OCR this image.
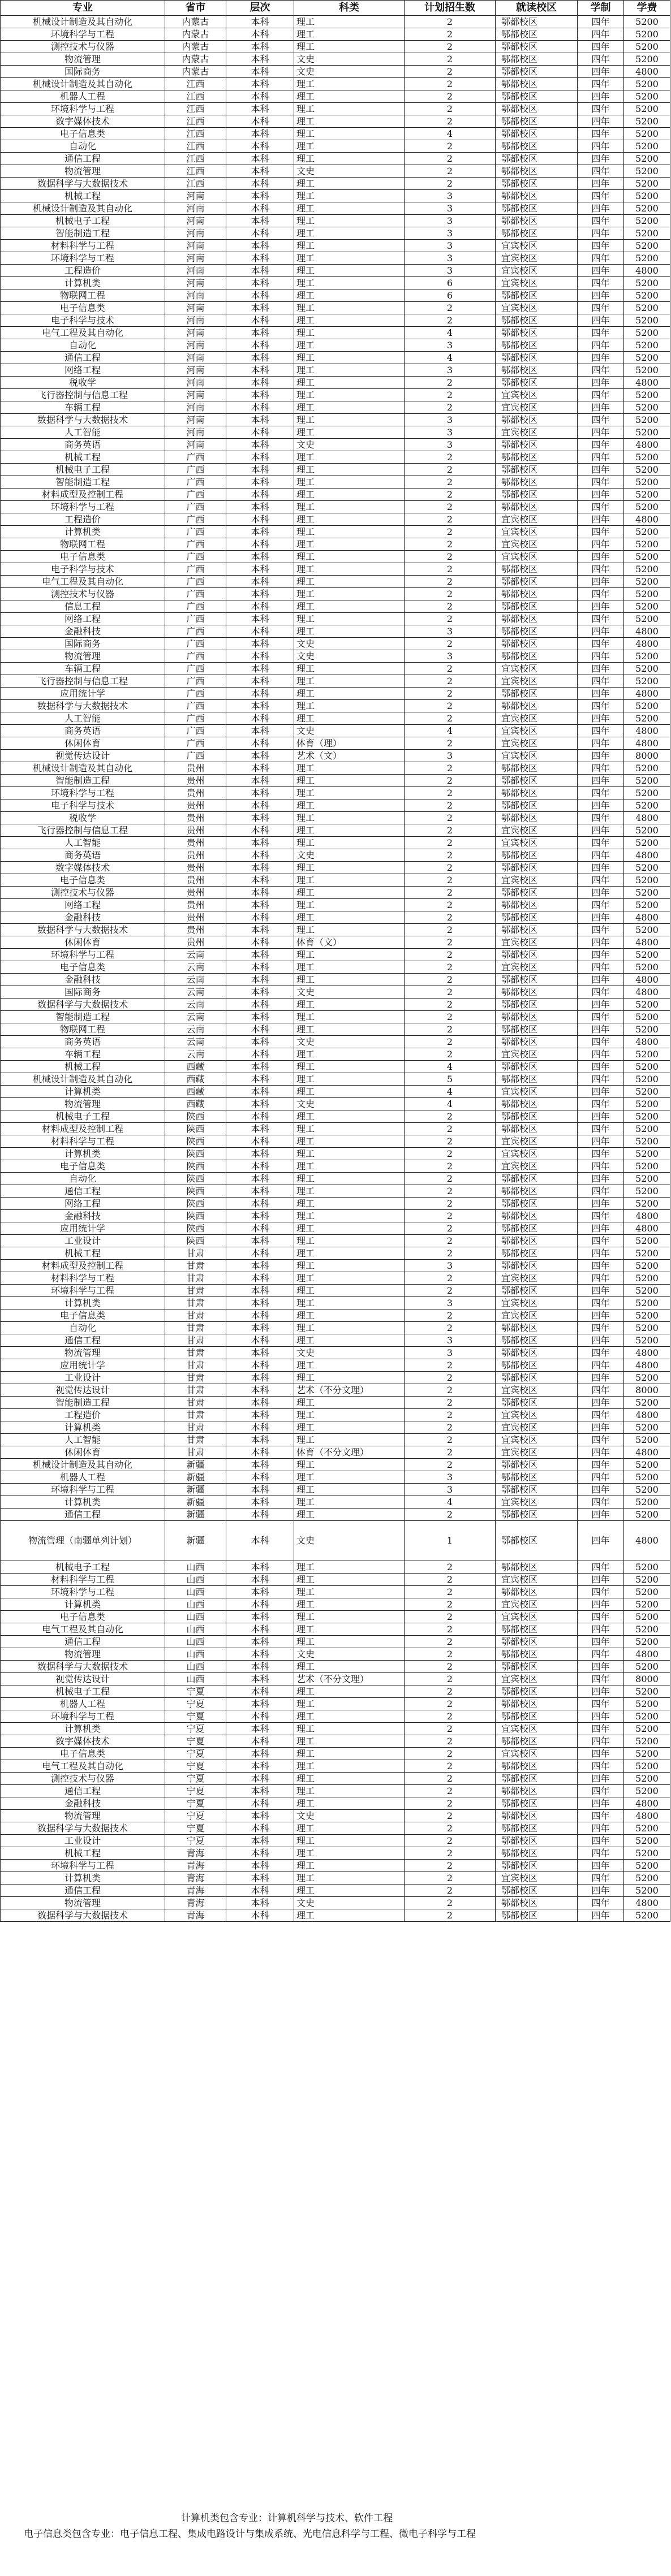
专业	省市	层次	科类	计划招生数	就读校区	学制	学费
机械设计制造及其自动化	内蒙古	本科	理工	2	鄂都校区	四年	5200
环境科学与工程	内蒙古	本科	理工	2	鄂都校区	四年	5200
测控技术与仪器	内蒙古	本科	理工	2	鄂都校区	四年	5200
物流管理	内蒙古	本科	文史	2	鄂都校区	四年	5200
国际商务	内蒙古	本科	文史	2	鄂都校区	四年	4800
机械设计制造及其自动化	江西	本科	理工	2	鄂都校区	四年	5200
机器人工程	江西	本科	理工	2	鄂都校区	四年	5200
环境科学与工程	江西	本科	理工	2	鄂都校区	四年	5200
数字媒体技术	江西	本科	理工	2	鄂都校区	四年	5200
电子信息类	江西	本科	理工	4	鄂都校区	四年	5200
自动化	江西	本科	理工	2	鄂都校区	四年	5200
通信工程	江西	本科	理工	2	鄂都校区	四年	5200
物流管理	江西	本科	文史	2	鄂都校区	四年	5200
数据科学与大数据技术	江西	本科	理工	2	鄂都校区	四年	5200
机械工程	河南	本科	理工	3	鄂都校区	四年	5200
机械设计制造及其自动化	河南	本科	理工	3	鄂都校区	四年	5200
机械电子工程	河南	本科	理工	3	鄂都校区	四年	5200
智能制造工程	河南	本科	理工	3	鄂都校区	四年	5200
材料科学与工程	河南	本科	理工	3	宜宾校区	四年	5200
环境科学与工程	河南	本科	理工	3	宜宾校区	四年	5200
工程造价	河南	本科	理工	3	宜宾校区	四年	4800
计算机类	河南	本科	理工	6	宜宾校区	四年	5200
物联网工程	河南	本科	理工	6	鄂都校区	四年	5200
电子信息类	河南	本科	理工	2	宜宾校区	四年	5200
电子科学与技术	河南	本科	理工	2	鄂都校区	四年	5200
电气工程及其自动化	河南	本科	理工	4	鄂都校区	四年	5200
自动化	河南	本科	理工	3	鄂都校区	四年	5200
通信工程	河南	本科	理工	4	鄂都校区	四年	5200
网络工程	河南	本科	理工	3	鄂都校区	四年	5200
税收学	河南	本科	理工	2	鄂都校区	四年	4800
飞行器控制与信息工程	河南	本科	理工	2	宜宾校区	四年	5200
车辆工程	河南	本科	理工	2	宜宾校区	四年	5200
数据科学与大数据技术	河南	本科	理工	3	鄂都校区	四年	5200
人工智能	河南	本科	理工	3	宜宾校区	四年	5200
商务英语	河南	本科	文史	3	鄂都校区	四年	4800
机械工程	广西	本科	理工	2	鄂都校区	四年	5200
机械电子工程	广西	本科	理工	2	鄂都校区	四年	5200
智能制造工程	广西	本科	理工	2	鄂都校区	四年	5200
材料成型及控制工程	广西	本科	理工	2	鄂都校区	四年	5200
环境科学与工程	广西	本科	理工	2	鄂都校区	四年	5200
工程造价	广西	本科	理工	2	宜宾校区	四年	4800
计算机类	广西	本科	理工	2	宜宾校区	四年	5200
物联网工程	广西	本科	理工	2	宜宾校区	四年	5200
电子信息类	广西	本科	理工	2	宜宾校区	四年	5200
电子科学与技术	广西	本科	理工	2	鄂都校区	四年	5200
电气工程及其自动化	广西	本科	理工	2	鄂都校区	四年	5200
测控技术与仪器	广西	本科	理工	2	鄂都校区	四年	5200
信息工程	广西	本科	理工	2	鄂都校区	四年	5200
网络工程	广西	本科	理工	2	鄂都校区	四年	5200
金融科技	广西	本科	理工	3	鄂都校区	四年	4800
国际商务	广西	本科	文史	2	鄂都校区	四年	4800
物流管理	广西	本科	文史	3	鄂都校区	四年	5200
车辆工程	广西	本科	理工	2	宜宾校区	四年	5200
飞行器控制与信息工程	广西	本科	理工	2	宜宾校区	四年	5200
应用统计学	广西	本科	理工	2	鄂都校区	四年	4800
数据科学与大数据技术	广西	本科	理工	2	鄂都校区	四年	5200
人工智能	广西	本科	理工	2	宜宾校区	四年	5200
商务英语	广西	本科	文史	4	宜宾校区	四年	4800
休闲体育	广西	本科	体育（理）	2	宜宾校区	四年	4800
视觉传达设计	广西	本科	艺术（文）	3	宜宾校区	四年	8000
机械设计制造及其自动化	贵州	本科	理工	2	鄂都校区	四年	5200
智能制造工程	贵州	本科	理工	2	鄂都校区	四年	5200
环境科学与工程	贵州	本科	理工	2	鄂都校区	四年	5200
电子科学与技术	贵州	本科	理工	2	鄂都校区	四年	5200
税收学	贵州	本科	理工	2	鄂都校区	四年	4800
飞行器控制与信息工程	贵州	本科	理工	2	宜宾校区	四年	5200
人工智能	贵州	本科	理工	2	宜宾校区	四年	5200
商务英语	贵州	本科	文史	2	鄂都校区	四年	4800
数字媒体技术	贵州	本科	理工	2	鄂都校区	四年	5200
电子信息类	贵州	本科	理工	2	宜宾校区	四年	5200
测控技术与仪器	贵州	本科	理工	2	鄂都校区	四年	5200
网络工程	贵州	本科	理工	2	鄂都校区	四年	5200
金融科技	贵州	本科	理工	2	鄂都校区	四年	4800
数据科学与大数据技术	贵州	本科	理工	2	鄂都校区	四年	5200
休闲体育	贵州	本科	体育（文）	2	宜宾校区	四年	4800
环境科学与工程	云南	本科	理工	2	鄂都校区	四年	5200
电子信息类	云南	本科	理工	2	宜宾校区	四年	5200
金融科技	云南	本科	理工	2	鄂都校区	四年	4800
国际商务	云南	本科	文史	2	鄂都校区	四年	4800
数据科学与大数据技术	云南	本科	理工	2	鄂都校区	四年	5200
智能制造工程	云南	本科	理工	2	鄂都校区	四年	5200
物联网工程	云南	本科	理工	2	鄂都校区	四年	5200
商务英语	云南	本科	文史	2	鄂都校区	四年	4800
车辆工程	云南	本科	理工	2	宜宾校区	四年	5200
机械工程	西藏	本科	理工	4	鄂都校区	四年	5200
机械设计制造及其自动化	西藏	本科	理工	5	鄂都校区	四年	5200
计算机类	西藏	本科	理工	4	宜宾校区	四年	5200
物流管理	西藏	本科	文史	4	鄂都校区	四年	5200
机械电子工程	陕西	本科	理工	2	鄂都校区	四年	5200
材料成型及控制工程	陕西	本科	理工	2	鄂都校区	四年	5200
材料科学与工程	陕西	本科	理工	2	宜宾校区	四年	5200
计算机类	陕西	本科	理工	2	宜宾校区	四年	5200
电子信息类	陕西	本科	理工	2	宜宾校区	四年	5200
自动化	陕西	本科	理工	2	鄂都校区	四年	5200
通信工程	陕西	本科	理工	2	鄂都校区	四年	5200
网络工程	陕西	本科	理工	2	鄂都校区	四年	5200
金融科技	陕西	本科	理工	2	鄂都校区	四年	4800
应用统计学	陕西	本科	理工	2	鄂都校区	四年	4800
工业设计	陕西	本科	理工	2	鄂都校区	四年	5200
机械工程	甘肃	本科	理工	2	鄂都校区	四年	5200
材料成型及控制工程	甘肃	本科	理工	3	鄂都校区	四年	5200
材料科学与工程	甘肃	本科	理工	2	宜宾校区	四年	5200
环境科学与工程	甘肃	本科	理工	2	鄂都校区	四年	5200
计算机类	甘肃	本科	理工	3	宜宾校区	四年	5200
电子信息类	甘肃	本科	理工	2	宜宾校区	四年	5200
自动化	甘肃	本科	理工	2	鄂都校区	四年	5200
通信工程	甘肃	本科	理工	3	鄂都校区	四年	5200
物流管理	甘肃	本科	文史	3	鄂都校区	四年	4800
应用统计学	甘肃	本科	理工	2	鄂都校区	四年	4800
工业设计	甘肃	本科	理工	2	鄂都校区	四年	5200
视觉传达设计	甘肃	本科	艺术（不分文理）	2	宜宾校区	四年	8000
智能制造工程	甘肃	本科	理工	2	鄂都校区	四年	5200
工程造价	甘肃	本科	理工	2	宜宾校区	四年	4800
计算机类	甘肃	本科	理工	2	宜宾校区	四年	5200
人工智能	甘肃	本科	理工	2	宜宾校区	四年	5200
休闲体育	甘肃	本科	体育（不分文理）	2	宜宾校区	四年	4800
机械设计制造及其自动化	新疆	本科	理工	2	鄂都校区	四年	5200
机器人工程	新疆	本科	理工	3	鄂都校区	四年	5200
环境科学与工程	新疆	本科	理工	3	鄂都校区	四年	5200
计算机类	新疆	本科	理工	4	宜宾校区	四年	5200
通信工程	新疆	本科	理工	2	鄂都校区	四年	5200
物流管理（南疆单列计划）	新疆	本科	文史	1	鄂都校区	四年	4800
机械电子工程	山西	本科	理工	2	鄂都校区	四年	5200
材料科学与工程	山西	本科	理工	2	宜宾校区	四年	5200
环境科学与工程	山西	本科	理工	2	鄂都校区	四年	5200
计算机类	山西	本科	理工	2	宜宾校区	四年	5200
电子信息类	山西	本科	理工	2	宜宾校区	四年	5200
电气工程及其自动化	山西	本科	理工	2	鄂都校区	四年	5200
通信工程	山西	本科	理工	2	鄂都校区	四年	5200
物流管理	山西	本科	文史	2	鄂都校区	四年	4800
数据科学与大数据技术	山西	本科	理工	2	鄂都校区	四年	5200
视觉传达设计	山西	本科	艺术（不分文理）	2	宜宾校区	四年	8000
机械电子工程	宁夏	本科	理工	2	鄂都校区	四年	5200
机器人工程	宁夏	本科	理工	2	鄂都校区	四年	5200
环境科学与工程	宁夏	本科	理工	2	鄂都校区	四年	5200
计算机类	宁夏	本科	理工	2	宜宾校区	四年	5200
数字媒体技术	宁夏	本科	理工	2	鄂都校区	四年	5200
电子信息类	宁夏	本科	理工	2	宜宾校区	四年	5200
电气工程及其自动化	宁夏	本科	理工	2	鄂都校区	四年	5200
测控技术与仪器	宁夏	本科	理工	2	鄂都校区	四年	5200
通信工程	宁夏	本科	理工	2	鄂都校区	四年	5200
金融科技	宁夏	本科	理工	2	鄂都校区	四年	4800
物流管理	宁夏	本科	文史	2	鄂都校区	四年	4800
数据科学与大数据技术	宁夏	本科	理工	2	鄂都校区	四年	5200
工业设计	宁夏	本科	理工	2	鄂都校区	四年	5200
机械工程	青海	本科	理工	2	鄂都校区	四年	5200
环境科学与工程	青海	本科	理工	2	鄂都校区	四年	5200
计算机类	青海	本科	理工	2	宜宾校区	四年	5200
通信工程	青海	本科	理工	2	鄂都校区	四年	5200
物流管理	青海	本科	文史	2	鄂都校区	四年	4800
数据科学与大数据技术	青海	本科	理工	2	鄂都校区	四年	5200

计算机类包含专业：计算机科学与技术、软件工程

电子信息类包含专业：电子信息工程、集成电路设计与集成系统、光电信息科学与工程、微电子科学与工程
